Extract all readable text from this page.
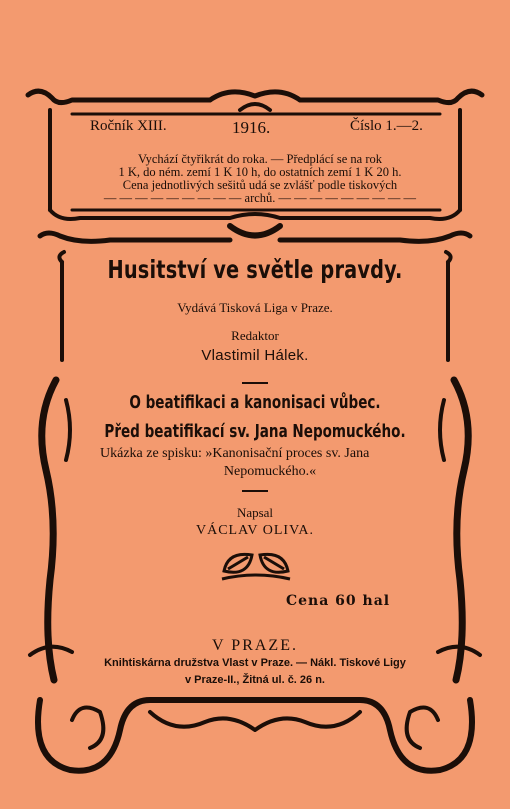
Ročník XIII.	1916.	Číslo 1.—2.
Vychází čtyřikrát do roka. — Předplácí se na rok
1 K, do ném. zemí 1 K 10 h, do ostatních zemí 1 K 20 h.
Cena jednotlivých sešitů udá se zvlášť podle tiskových
— — — — — — — — — archů. — — — — — — — — —
Husitství ve světle pravdy.
Vydává Tisková Liga v Praze.
Redaktor
Vlastimil Hálek.
O beatifikaci a kanonisaci vůbec.
Před beatifikací sv. Jana Nepomuckého.
Ukázka ze spisku: »Kanonisační proces sv. Jana
Nepomuckého.«
Napsal
VÁCLAV OLIVA.
Cena 60 hal
V PRAZE.
Knihtiskárna družstva Vlast v Praze. — Nákl. Tiskové Ligy
v Praze-II., Žitná ul. č. 26 n.
